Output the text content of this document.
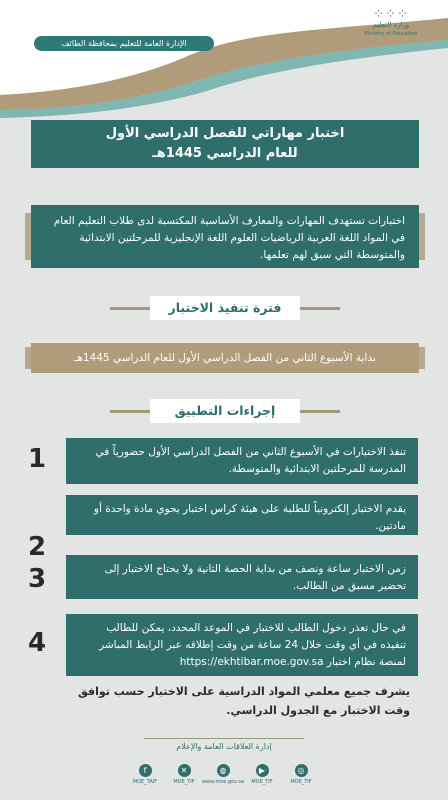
⁘⁘⁘
وزارة التعليم
Ministry of Education
الإدارة العامة للتعليم بمحافظة الطائف
اختبار مهاراتي للفصل الدراسي الأول
للعام الدراسي 1445هـ
اختبارات تستهدف المهارات والمعارف الأساسية المكتسبة لدى طلاب التعليم العام في المواد اللغة العربية الرياضيات العلوم اللغة الإنجليزية للمرحلتين الابتدائية والمتوسطة التي سبق لهم تعلمها.
فترة تنفيذ الاختبار
بداية الأسبوع الثاني من الفصل الدراسي الأول للعام الدراسي 1445هـ
إجراءات التطبيق
1	تنفذ الاختبارات في الأسبوع الثاني من الفصل الدراسي الأول حضورياً في المدرسة للمرحلتين الابتدائية والمتوسطة.
2
يقدم الاختبار إلكترونياً للطلبة على هيئة كراس اختبار يحوي مادة واحدة أو مادتين.
3	زمن الاختبار ساعة ونصف من بداية الحصة الثانية ولا يحتاج الاختبار إلى تحضير مسبق من الطالب.
4	في حال تعذر دخول الطالب للاختبار في الموعد المحدد، يمكن للطالب تنفيذه في أي وقت خلال 24 ساعة من وقت إطلاقه عبر الرابط المباشر لمنصة نظام اختبار https://ekhtibar.moe.gov.sa
يشرف جميع معلمي المواد الدراسية على الاختبار حسب توافق وقت الاختبار مع الجدول الدراسي.
إدارة العلاقات العامة والإعلام
f
MOE_TAIF
✕
MOE_TIF
◍
www.moe.gov.sa
▶
MOE_TIF
◎
MOE_TIF
